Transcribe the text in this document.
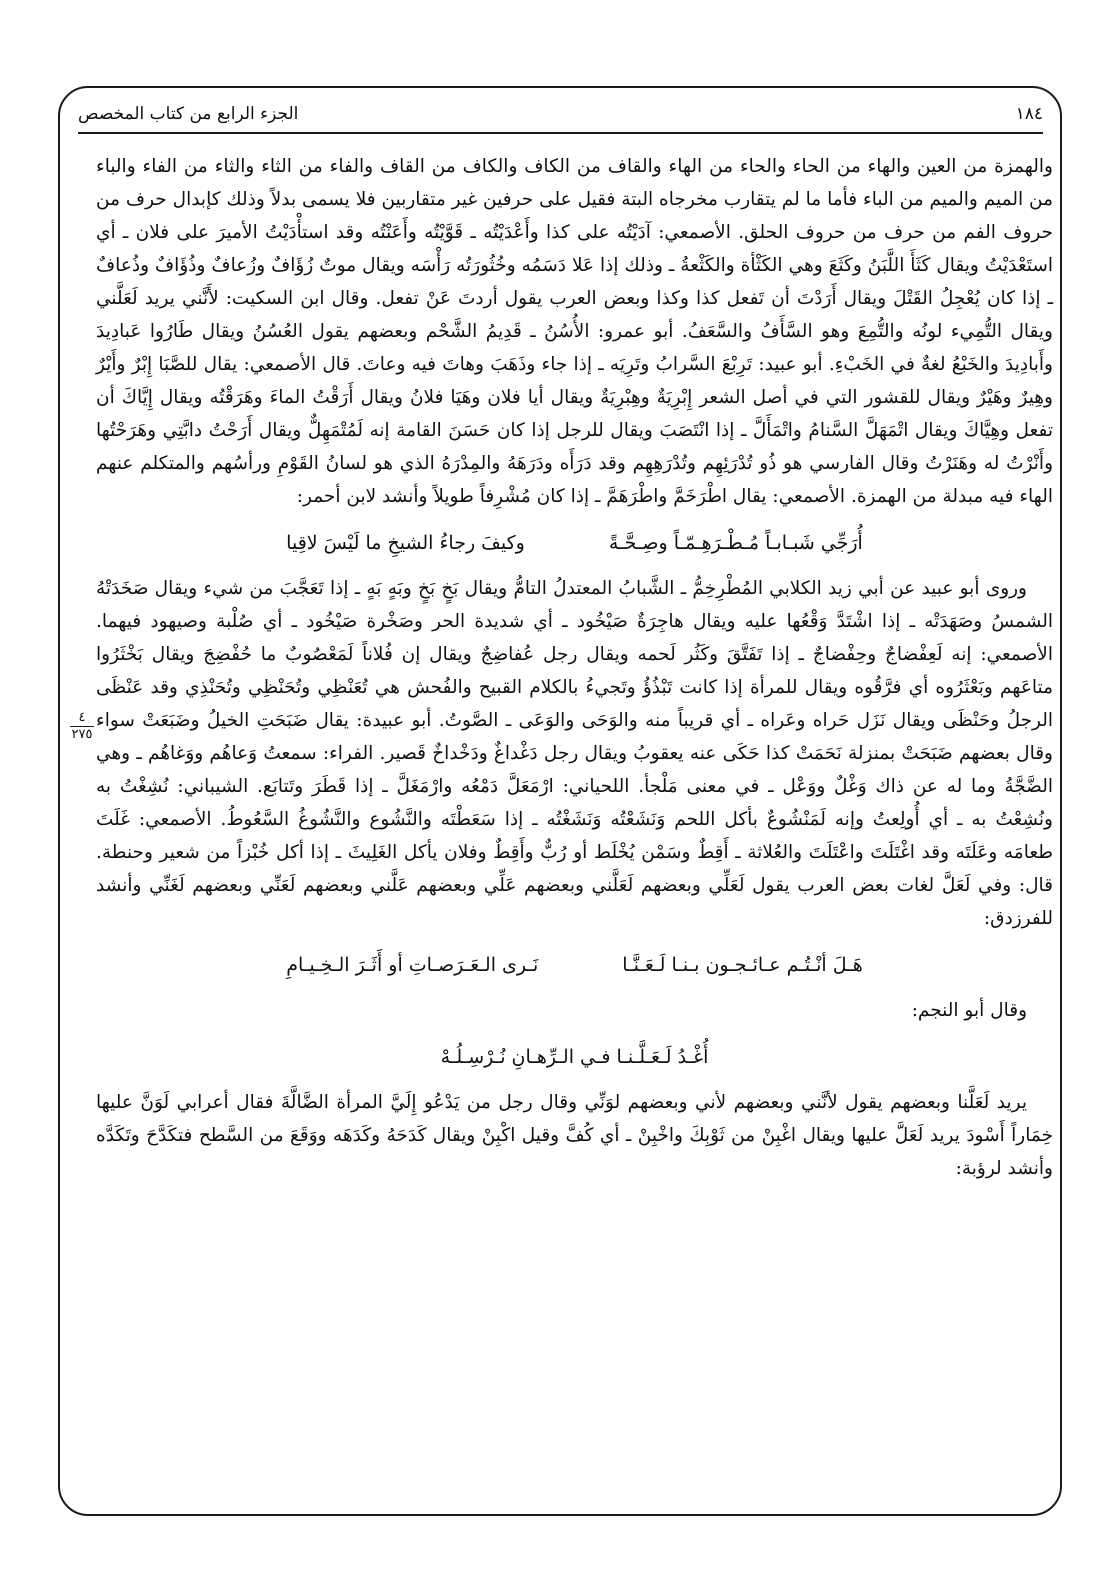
١٨٤
الجزء الرابع من كتاب المخصص
٤
٢٧٥

والهمزة من العين والهاء من الحاء والحاء من الهاء والقاف من الكاف والكاف من القاف والفاء من الثاء والثاء من الفاء والباء من الميم والميم من الباء فأما ما لم يتقارب مخرجاه البتة فقيل على حرفين غير متقاربين فلا يسمى بدلاً وذلك كإبدال حرف من حروف الفم من حرف من حروف الحلق. الأصمعي: آدَيْتُه على كذا وأَعْدَيْتُه ـ قَوَّيْتُه وأَعَنْتُه وقد استأْدَيْتُ الأميرَ على فلان ـ أي استَعْدَيْتُ ويقال كَثَأَ اللَّبَنُ وكَثَعَ وهي الكَثْأة والكَثْعةُ ـ وذلك إذا عَلا دَسَمُه وخُثُورَتُه رَأْسَه ويقال موتٌ زُؤَافٌ وزُعافٌ وذُؤَافٌ وذُعافٌ ـ إذا كان يُعْجِلُ القَتْلَ ويقال أَرَدْتَ أن تَفعل كذا وكذا وبعض العرب يقول أردتَ عَنْ تفعل. وقال ابن السكيت: لأَنَّني يريد لَعَلَّني ويقال التُّمِيء لونُه والتُّمِعَ وهو السَّأَفُ والسَّعَفُ. أبو عمرو: الأُسُنُ ـ قَدِيمُ الشَّحْم وبعضهم يقول العُسُنُ ويقال طَارُوا عَبادِيدَ وأَبادِيدَ والخَبْعُ لغةٌ في الخَبْءِ. أبو عبيد: تَرِبْعَ السَّرابُ وتَرِيَه ـ إذا جاء وذَهَبَ وهاتَ فيه وعاتَ. قال الأصمعي: يقال للصَّبَا إِبْرٌ وأَيْرٌ وهِيرٌ وهَيْرٌ ويقال للقشور التي في أصل الشعر إِبْرِيَةٌ وهِبْرِيَةٌ ويقال أيا فلان وهَيَا فلانُ ويقال أَرَقْتُ الماءَ وهَرَقْتُه ويقال إِيَّاكَ أن تفعل وهِيَّاكَ ويقال اتْمَهَلَّ السَّنامُ واتْمَأَلَّ ـ إذا انْتَصَبَ ويقال للرجل إذا كان حَسَنَ القامة إنه لَمُتْمَهِلٌّ ويقال أَرَحْتُ دابَّتِي وهَرَحْتُها وأَنْرْتُ له وهَنَرْتُ وقال الفارسي هو ذُو تُدْرَئِهِم وتُدْرَهِهِم وقد دَرَأَه ودَرَهَهُ والمِدْرَهُ الذي هو لسانُ القَوْمِ ورأسُهم والمتكلم عنهم الهاء فيه مبدلة من الهمزة. الأصمعي: يقال اطْرَخَمَّ واطْرَهَمَّ ـ إذا كان مُشْرِفاً طويلاً وأنشد لابن أحمر:

أُرَجِّي شَبـابـاً مُـطْـرَهِـمّـاً وصِـحَّـةً
وكيفَ رجاءُ الشيخِ ما لَيْسَ لاقِيا

وروى أبو عبيد عن أبي زيد الكلابي المُطْرِخِمُّ ـ الشَّبابُ المعتدلُ التامُّ ويقال بَخٍ بَخٍ وبَهٍ بَهٍ ـ إذا تَعَجَّبَ من شيء ويقال صَخَدَتْهُ الشمسُ وصَهَدَتْه ـ إذا اشْتَدَّ وَقْعُها عليه ويقال هاجِرَةٌ صَيْخُود ـ أي شديدة الحر وصَخْرة صَيْخُود ـ أي صُلْبة وصيهود فيهما. الأصمعي: إنه لَعِفْضاجٌ وحِفْضاجٌ ـ إذا تَفَتَّقَ وكَثُر لَحمه ويقال رجل عُفاضِجٌ ويقال إن فُلاناً لَمَعْصُوبٌ ما حُفْضِجَ ويقال بَخْثَرُوا متاعَهم وبَعْثَرُوه أي فرَّقُوه ويقال للمرأة إذا كانت تَبْذُؤُ وتَجيءُ بالكلام القبيح والفُحش هي تُعَنْظِي وتُحَنْظِي وتُحَنْذِي وقد عَنْظَى الرجلُ وحَنْظَى ويقال نَزَل حَراه وعَراه ـ أي قريباً منه والوَحَى والوَعَى ـ الصَّوتُ. أبو عبيدة: يقال ضَبَحَتِ الخيلُ وضَبَعَتْ سواء وقال بعضهم ضَبَحَتْ بمنزلة نَحَمَتْ كذا حَكَى عنه يعقوبُ ويقال رجل دَغْداغٌ ودَخْداخٌ قَصير. الفراء: سمعتُ وَعاهُم ووَغاهُم ـ وهي الضَّجَّةُ وما له عن ذاك وَغْلٌ ووَعْل ـ في معنى مَلْجأ. اللحياني: ارْمَعَلَّ دَمْعُه وارْمَغَلَّ ـ إذا قَطَرَ وتَتابَع. الشيباني: نُشِغْتُ به ونُشِعْتُ به ـ أي أُولِعتُ وإنه لَمَنْشُوعٌ بأكل اللحم وَنَشَعْتُه وَنَشَغْتُه ـ إذا سَعَطْتَه والنَّشُوع والنَّشُوغُ السَّعُوطُ. الأصمعي: غَلَتَ طعامَه وعَلَتَه وقد اغْتَلَتَ واعْتَلَتَ والعُلاثة ـ أَقِطٌ وسَمْن يُخْلَط أو رُبٌّ وأَقِطٌ وفلان يأكل الغَلِيثَ ـ إذا أكل خُبْزاً من شعير وحنطة. قال: وفي لَعَلَّ لغات بعض العرب يقول لَعَلِّي وبعضهم لَعَلَّني وبعضهم عَلِّي وبعضهم عَلَّني وبعضهم لَعَنِّي وبعضهم لَغَنِّي وأنشد للفرزدق:

هَـلَ أنْـتُـم عـائـجـون بـنـا لَـعَـنَّـا
نَـرى الـعَـرَصـاتِ أو أَثَـرَ الـخِـيـامِ

وقال أبو النجم:

أُغْـدُ لَـعَـلَّـنـا فـي الـرِّهـانِ نُـرْسِـلُـهْ

يريد لَعَلَّنا وبعضهم يقول لأنَّني وبعضهم لأني وبعضهم لوَنِّي وقال رجل من يَدْعُو إِلَيَّ المرأة الضَّالَّةَ فقال أعرابي لَوَنَّ عليها خِمَاراً أَسْودَ يريد لَعَلَّ عليها ويقال اغْبِنْ من ثَوْبِكَ واخْبِنْ ـ أي كُفَّ وقيل اكْبِنْ ويقال كَدَحَهُ وكَدَهَه ووَقَعَ من السَّطح فتكَدَّحَ وتَكَدَّه وأنشد لرؤبة:
